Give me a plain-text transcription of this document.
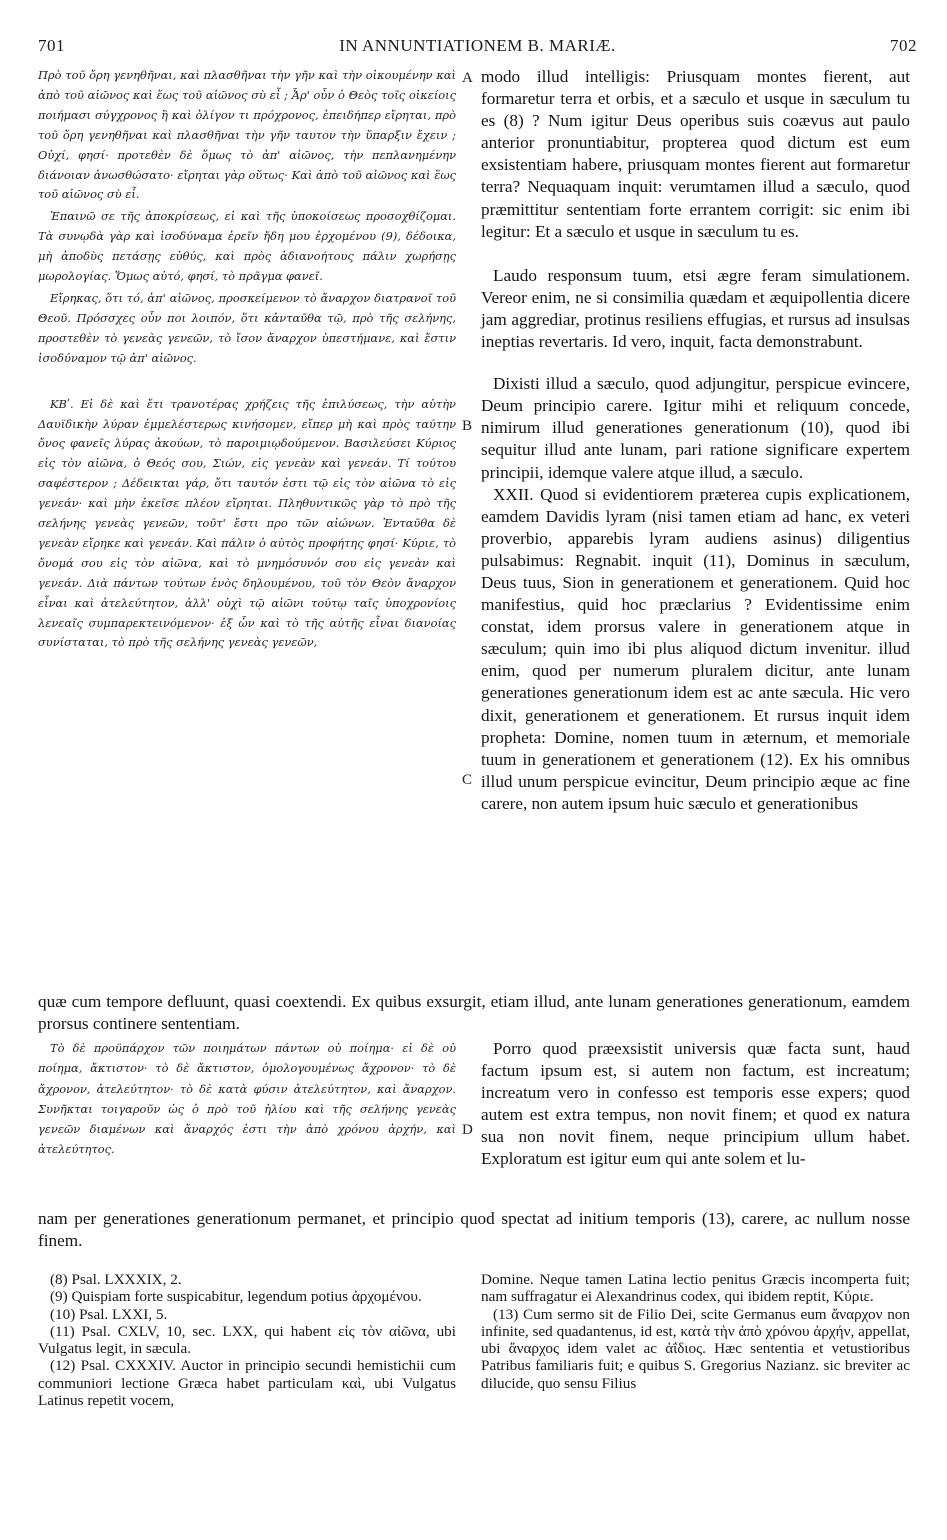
701	IN ANNUNTIATIONEM B. MARIÆ.	702

Πρὸ τοῦ ὄρη γενηθῆναι, καὶ πλασθῆναι τὴν γῆν καὶ τὴν οἰκουμένην καὶ ἀπὸ τοῦ αἰῶνος καὶ ἕως τοῦ αἰῶνος σὺ εἶ ; Ἆρ' οὖν ὁ Θεὸς τοῖς οἰκείοις ποιήμασι σύγχρονος ἢ καὶ ὀλίγον τι πρόχρονος, ἐπειδήπερ εἴρηται, πρὸ τοῦ ὄρη γενηθῆναι καὶ πλασθῆναι τὴν γῆν ταυτον τὴν ὕπαρξιν ἔχειν ; Οὐχί, φησί· προτεθὲν δὲ ὅμως τὸ ἀπ' αἰῶνος, τὴν πεπλανημένην διάνοιαν ἀνωσθώσατο· εἴρηται γὰρ οὕτως· Καὶ ἀπὸ τοῦ αἰῶνος καὶ ἕως τοῦ αἰῶνος σὺ εἶ.

Ἐπαινῶ σε τῆς ἀποκρίσεως, εἰ καὶ τῆς ὑποκοίσεως προσοχθίζομαι. Τὰ συνῳδὰ γὰρ καὶ ἰσοδύναμα ἐρεῖν ἤδη μου ἐρχομένου (9), δέδοικα, μὴ ἀποδὺς πετάσῃς εὐθύς, καὶ πρὸς ἀδιανοήτους πάλιν χωρήσῃς μωρολογίας. Ὅμως αὐτό, φησί, τὸ πρᾶγμα φανεῖ.

Εἴρηκας, ὅτι τό, ἀπ' αἰῶνος, προσκείμενον τὸ ἄναρχον διατρανοῖ τοῦ Θεοῦ. Πρόσσχες οὖν ποι λοιπόν, ὅτι κἀνταῦθα τῷ, πρὸ τῆς σελήνης, προστεθὲν τὸ γενεὰς γενεῶν, τὸ ἴσον ἄναρχον ὑπεστήμανε, καὶ ἔστιν ἰσοδύναμον τῷ ἀπ' αἰῶνος.

ΚΒʹ. Εἰ δὲ καὶ ἔτι τρανοτέρας χρήζεις τῆς ἐπιλύσεως, τὴν αὐτὴν Δαυϊδικὴν λύραν ἐμμελέστερως κινήσομεν, εἴπερ μὴ καὶ πρὸς ταύτην ὄνος φανεῖς λύρας ἀκούων, τὸ παροιμιῳδούμενον. Βασιλεύσει Κύριος εἰς τὸν αἰῶνα, ὁ Θεός σου, Σιών, εἰς γενεὰν καὶ γενεάν. Τί τούτου σαφέστερον ; Δέδεικται γάρ, ὅτι ταυτόν ἐστι τῷ εἰς τὸν αἰῶνα τὸ εἰς γενεάν· καὶ μὴν ἐκεῖσε πλέον εἴρηται. Πληθυντικῶς γὰρ τὸ πρὸ τῆς σελήνης γενεὰς γενεῶν, τοῦτ' ἔστι προ τῶν αἰώνων. Ἐνταῦθα δὲ γενεὰν εἴρηκε καὶ γενεάν. Καὶ πάλιν ὁ αὐτὸς προφήτης φησί· Κύριε, τὸ ὄνομά σου εἰς τὸν αἰῶνα, καὶ τὸ μνημόσυνόν σου εἰς γενεὰν καὶ γενεάν. Διὰ πάντων τούτων ἑνὸς δηλουμένου, τοῦ τὸν Θεὸν ἄναρχον εἶναι καὶ ἀτελεύτητον, ἀλλ' οὐχὶ τῷ αἰῶνι τούτῳ ταῖς ὑποχρονίοις λενεαῖς συμπαρεκτεινόμενον· ἐξ ὧν καὶ τὸ τῆς αὐτῆς εἶναι διανοίας συνίσταται, τὸ πρὸ τῆς σελήνης γενεὰς γενεῶν,

modo illud intelligis: Priusquam montes fierent, aut formaretur terra et orbis, et a sæculo et usque in sæculum tu es (8) ? Num igitur Deus operibus suis coævus aut paulo anterior pronuntiabitur, propterea quod dictum est eum exsistentiam habere, priusquam montes fierent aut formaretur terra? Nequaquam inquit: verumtamen illud a sæculo, quod præmittitur sententiam forte errantem corrigit: sic enim ibi legitur: Et a sæculo et usque in sæculum tu es.

Laudo responsum tuum, etsi ægre feram simulationem. Vereor enim, ne si consimilia quædam et æquipollentia dicere jam aggrediar, protinus resiliens effugias, et rursus ad insulsas ineptias revertaris. Id vero, inquit, facta demonstrabunt.

Dixisti illud a sæculo, quod adjungitur, perspicue evincere, Deum principio carere. Igitur mihi et reliquum concede, nimirum illud generationes generationum (10), quod ibi sequitur illud ante lunam, pari ratione significare expertem principii, idemque valere atque illud, a sæculo.

XXII. Quod si evidentiorem præterea cupis explicationem, eamdem Davidis lyram (nisi tamen etiam ad hanc, ex veteri proverbio, apparebis lyram audiens asinus) diligentius pulsabimus: Regnabit. inquit (11), Dominus in sæculum, Deus tuus, Sion in generationem et generationem. Quid hoc manifestius, quid hoc præclarius ? Evidentissime enim constat, idem prorsus valere in generationem atque in sæculum; quin imo ibi plus aliquod dictum invenitur. illud enim, quod per numerum pluralem dicitur, ante lunam generationes generationum idem est ac ante sæcula. Hic vero dixit, generationem et generationem. Et rursus inquit idem propheta: Domine, nomen tuum in æternum, et memoriale tuum in generationem et generationem (12). Ex his omnibus illud unum perspicue evincitur, Deum principio æque ac fine carere, non autem ipsum huic sæculo et generationibus

quæ cum tempore defluunt, quasi coextendi. Ex quibus exsurgit, etiam illud, ante lunam generationes generationum, eamdem prorsus continere sententiam.

Τὸ δὲ προϋπάρχον τῶν ποιημάτων πάντων οὐ ποίημα· εἰ δὲ οὐ ποίημα, ἄκτιστον· τὸ δὲ ἄκτιστον, ὁμολογουμένως ἄχρονον· τὸ δὲ ἄχρονον, ἀτελεύτητον· τὸ δὲ κατὰ φύσιν ἀτελεύτητον, καὶ ἄναρχον. Συνῆκται τοιγαροῦν ὡς ὁ πρὸ τοῦ ἡλίου καὶ τῆς σελήνης γενεὰς γενεῶν διαμένων καὶ ἄναρχός ἐστι τὴν ἀπὸ χρόνου ἀρχήν, καὶ ἀτελεύτητος.

Porro quod præexsistit universis quæ facta sunt, haud factum ipsum est, si autem non factum, est increatum; increatum vero in confesso est temporis esse expers; quod autem est extra tempus, non novit finem; et quod ex natura sua non novit finem, neque principium ullum habet. Exploratum est igitur eum qui ante solem et lu-

nam per generationes generationum permanet, et principio quod spectat ad initium temporis (13), carere, ac nullum nosse finem.

A
B
C
D

(8) Psal. LXXXIX, 2.

(9) Quispiam forte suspicabitur, legendum potius ἀρχομένου.

(10) Psal. LXXI, 5.

(11) Psal. CXLV, 10, sec. LXX, qui habent εἰς τὸν αἰῶνα, ubi Vulgatus legit, in sæcula.

(12) Psal. CXXXIV. Auctor in principio secundi hemistichii cum communiori lectione Græca habet particulam καὶ, ubi Vulgatus Latinus repetit vocem,

Domine. Neque tamen Latina lectio penitus Græcis incomperta fuit; nam suffragatur ei Alexandrinus codex, qui ibidem reptit, Κύριε.

(13) Cum sermo sit de Filio Dei, scite Germanus eum ἄναρχον non infinite, sed quadantenus, id est, κατὰ τὴν ἀπὸ χρόνου ἀρχήν, appellat, ubi ἄναρχος idem valet ac ἀΐδιος. Hæc sententia et vetustioribus Patribus familiaris fuit; e quibus S. Gregorius Nazianz. sic breviter ac dilucide, quo sensu Filius
